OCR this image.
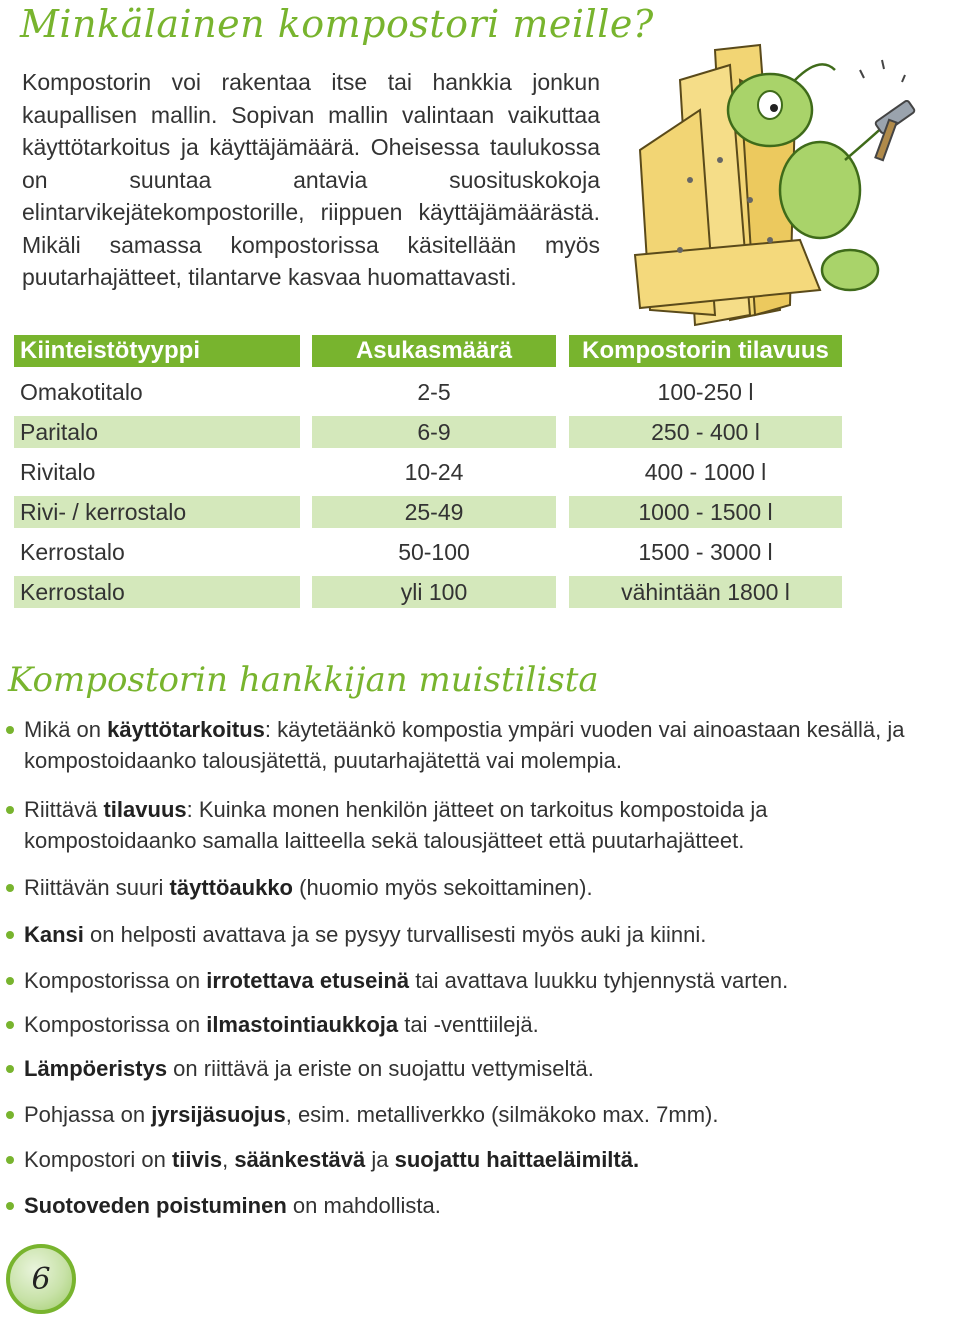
Minkälainen kompostori meille?

Kompostorin voi rakentaa itse tai hankkia jonkun kaupallisen mallin. Sopivan mallin valintaan vaikuttaa käyttötarkoitus ja käyttäjämäärä. Oheisessa taulukossa on suuntaa antavia suosituskokoja elintarvikejätekompostorille, riippuen käyttäjämäärästä. Mikäli samassa kompostorissa käsitellään myös puutarhajätteet, tilantarve kasvaa huomattavasti.

Kiinteistötyyppi	Asukasmäärä	Kompostorin tilavuus
Omakotitalo	2-5	100-250 l
Paritalo	6-9	250 - 400 l
Rivitalo	10-24	400 - 1000 l
Rivi- / kerrostalo	25-49	1000 - 1500 l
Kerrostalo	50-100	1500 - 3000 l
Kerrostalo	yli 100	vähintään 1800 l
Kompostorin hankkijan muistilista
Mikä on käyttötarkoitus: käytetäänkö kompostia ympäri vuoden vai ainoastaan kesällä, ja kompostoidaanko talousjätettä, puutarhajätettä vai molempia.
Riittävä tilavuus: Kuinka monen henkilön jätteet on tarkoitus kompostoida ja kompostoidaanko samalla laitteella sekä talousjätteet että puutarhajätteet.
Riittävän suuri täyttöaukko (huomio myös sekoittaminen).
Kansi on helposti avattava ja se pysyy turvallisesti myös auki ja kiinni.
Kompostorissa on irrotettava etuseinä tai avattava luukku tyhjennystä varten.
Kompostorissa on ilmastointiaukkoja tai -venttiilejä.
Lämpöeristys on riittävä ja eriste on suojattu vettymiseltä.
Pohjassa on jyrsijäsuojus, esim. metalliverkko (silmäkoko max. 7mm).
Kompostori on tiivis, säänkestävä ja suojattu haittaeläimiltä.
Suotoveden poistuminen on mahdollista.
6
